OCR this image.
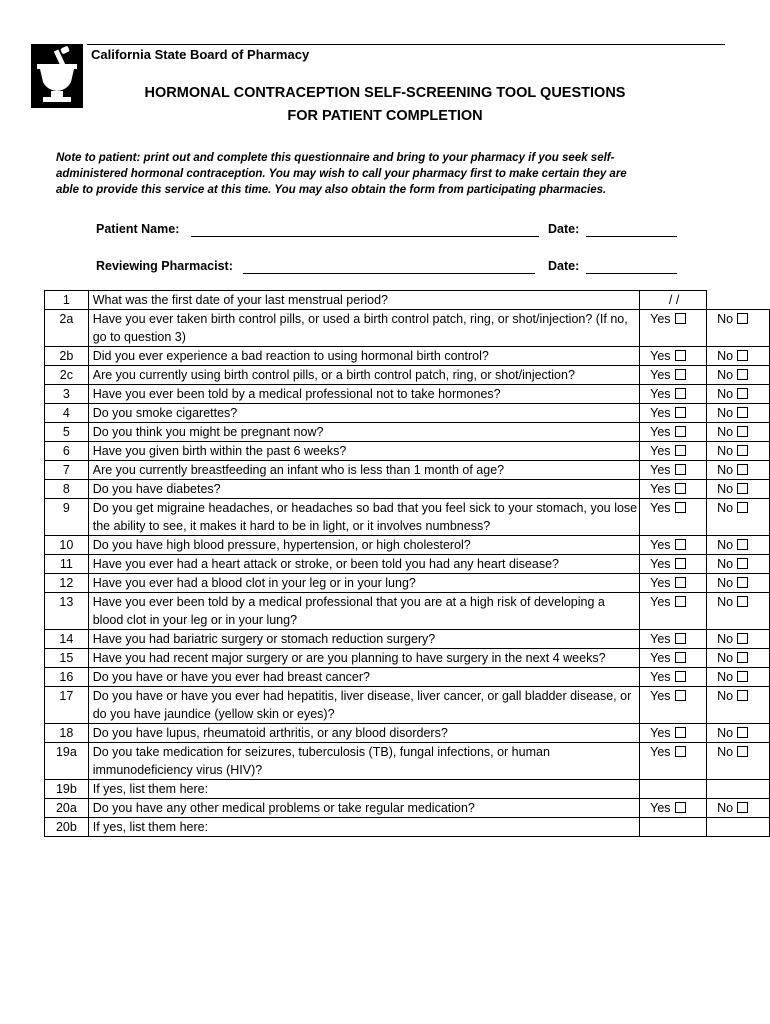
California State Board of Pharmacy
HORMONAL CONTRACEPTION SELF-SCREENING TOOL QUESTIONS
FOR PATIENT COMPLETION
Note to patient: print out and complete this questionnaire and bring to your pharmacy if you seek self-
administered hormonal contraception. You may wish to call your pharmacy first to make certain they are
able to provide this service at this time. You may also obtain the form from participating pharmacies.
Patient Name:	Date:
Reviewing Pharmacist:	Date:
1	What was the first date of your last menstrual period?	/ /	
2a	Have you ever taken birth control pills, or used a birth control patch, ring, or shot/injection? (If no, go to question 3)	Yes	No
2b	Did you ever experience a bad reaction to using hormonal birth control?	Yes	No
2c	Are you currently using birth control pills, or a birth control patch, ring, or shot/injection?	Yes	No
3	Have you ever been told by a medical professional not to take hormones?	Yes	No
4	Do you smoke cigarettes?	Yes	No
5	Do you think you might be pregnant now?	Yes	No
6	Have you given birth within the past 6 weeks?	Yes	No
7	Are you currently breastfeeding an infant who is less than 1 month of age?	Yes	No
8	Do you have diabetes?	Yes	No
9	Do you get migraine headaches, or headaches so bad that you feel sick to your stomach, you lose the ability to see, it makes it hard to be in light, or it involves numbness?	Yes	No
10	Do you have high blood pressure, hypertension, or high cholesterol?	Yes	No
11	Have you ever had a heart attack or stroke, or been told you had any heart disease?	Yes	No
12	Have you ever had a blood clot in your leg or in your lung?	Yes	No
13	Have you ever been told by a medical professional that you are at a high risk of developing a blood clot in your leg or in your lung?	Yes	No
14	Have you had bariatric surgery or stomach reduction surgery?	Yes	No
15	Have you had recent major surgery or are you planning to have surgery in the next 4 weeks?	Yes	No
16	Do you have or have you ever had breast cancer?	Yes	No
17	Do you have or have you ever had hepatitis, liver disease, liver cancer, or gall bladder disease, or do you have jaundice (yellow skin or eyes)?	Yes	No
18	Do you have lupus, rheumatoid arthritis, or any blood disorders?	Yes	No
19a	Do you take medication for seizures, tuberculosis (TB), fungal infections, or human immunodeficiency virus (HIV)?	Yes	No
19b	If yes, list them here:		
20a	Do you have any other medical problems or take regular medication?	Yes	No
20b	If yes, list them here:		
